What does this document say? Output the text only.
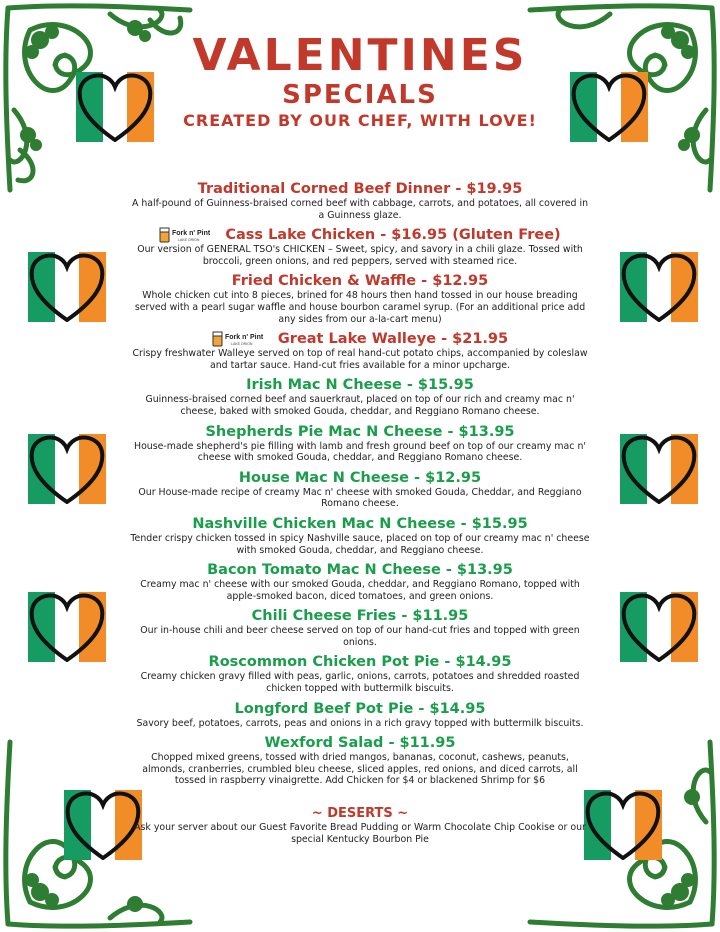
VALENTINES
SPECIALS
CREATED BY OUR CHEF, WITH LOVE!
Traditional Corned Beef Dinner - $19.95

A half-pound of Guinness-braised corned beef with cabbage, carrots, and potatoes, all covered in a Guinness glaze.

Fork n' Pint
LAKE ORION Cass Lake Chicken - $16.95 (Gluten Free)

Our version of GENERAL TSO's CHICKEN – Sweet, spicy, and savory in a chili glaze. Tossed with broccoli, green onions, and red peppers, served with steamed rice.

Fried Chicken & Waffle - $12.95

Whole chicken cut into 8 pieces, brined for 48 hours then hand tossed in our house breading served with a pearl sugar waffle and house bourbon caramel syrup. (For an additional price add any sides from our a-la-cart menu)

Fork n' Pint
LAKE ORION Great Lake Walleye - $21.95

Crispy freshwater Walleye served on top of real hand-cut potato chips, accompanied by coleslaw and tartar sauce. Hand-cut fries available for a minor upcharge.

Irish Mac N Cheese - $15.95

Guinness-braised corned beef and sauerkraut, placed on top of our rich and creamy mac n' cheese, baked with smoked Gouda, cheddar, and Reggiano Romano cheese.

Shepherds Pie Mac N Cheese - $13.95

House-made shepherd's pie filling with lamb and fresh ground beef on top of our creamy mac n' cheese with smoked Gouda, cheddar, and Reggiano Romano cheese.

House Mac N Cheese - $12.95

Our House-made recipe of creamy Mac n' cheese with smoked Gouda, Cheddar, and Reggiano Romano cheese.

Nashville Chicken Mac N Cheese - $15.95

Tender crispy chicken tossed in spicy Nashville sauce, placed on top of our creamy mac n' cheese with smoked Gouda, cheddar, and Reggiano cheese.

Bacon Tomato Mac N Cheese - $13.95

Creamy mac n' cheese with our smoked Gouda, cheddar, and Reggiano Romano, topped with apple-smoked bacon, diced tomatoes, and green onions.

Chili Cheese Fries - $11.95

Our in-house chili and beer cheese served on top of our hand-cut fries and topped with green onions.

Roscommon Chicken Pot Pie - $14.95

Creamy chicken gravy filled with peas, garlic, onions, carrots, potatoes and shredded roasted chicken topped with buttermilk biscuits.

Longford Beef Pot Pie - $14.95

Savory beef, potatoes, carrots, peas and onions in a rich gravy topped with buttermilk biscuits.

Wexford Salad - $11.95

Chopped mixed greens, tossed with dried mangos, bananas, coconut, cashews, peanuts, almonds, cranberries, crumbled bleu cheese, sliced apples, red onions, and diced carrots, all tossed in raspberry vinaigrette. Add Chicken for $4 or blackened Shrimp for $6

~ DESERTS ~
Ask your server about our Guest Favorite Bread Pudding or Warm Chocolate Chip Cookise or our special Kentucky Bourbon Pie
